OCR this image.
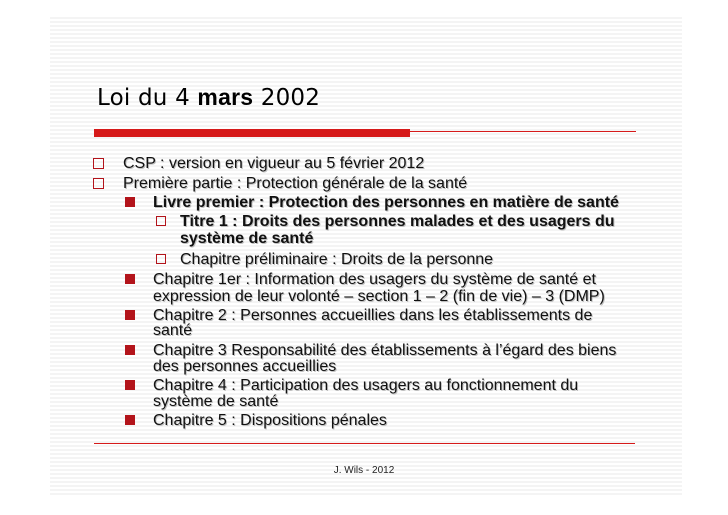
Loi du 4 mars 2002
CSP : version en vigueur au 5 février 2012
Première partie : Protection générale de la santé
Livre premier : Protection des personnes en matière de santé
Titre 1 : Droits des personnes malades et des usagers du
système de santé
Chapitre préliminaire : Droits de la personne
Chapitre 1er : Information des usagers du système de santé et
expression de leur volonté – section 1 – 2 (fin de vie) – 3 (DMP)
Chapitre 2 : Personnes accueillies dans les établissements de
santé
Chapitre 3 Responsabilité des établissements à l’égard des biens
des personnes accueillies
Chapitre 4 : Participation des usagers au fonctionnement du
système de santé
Chapitre 5 : Dispositions pénales
J. Wils - 2012
